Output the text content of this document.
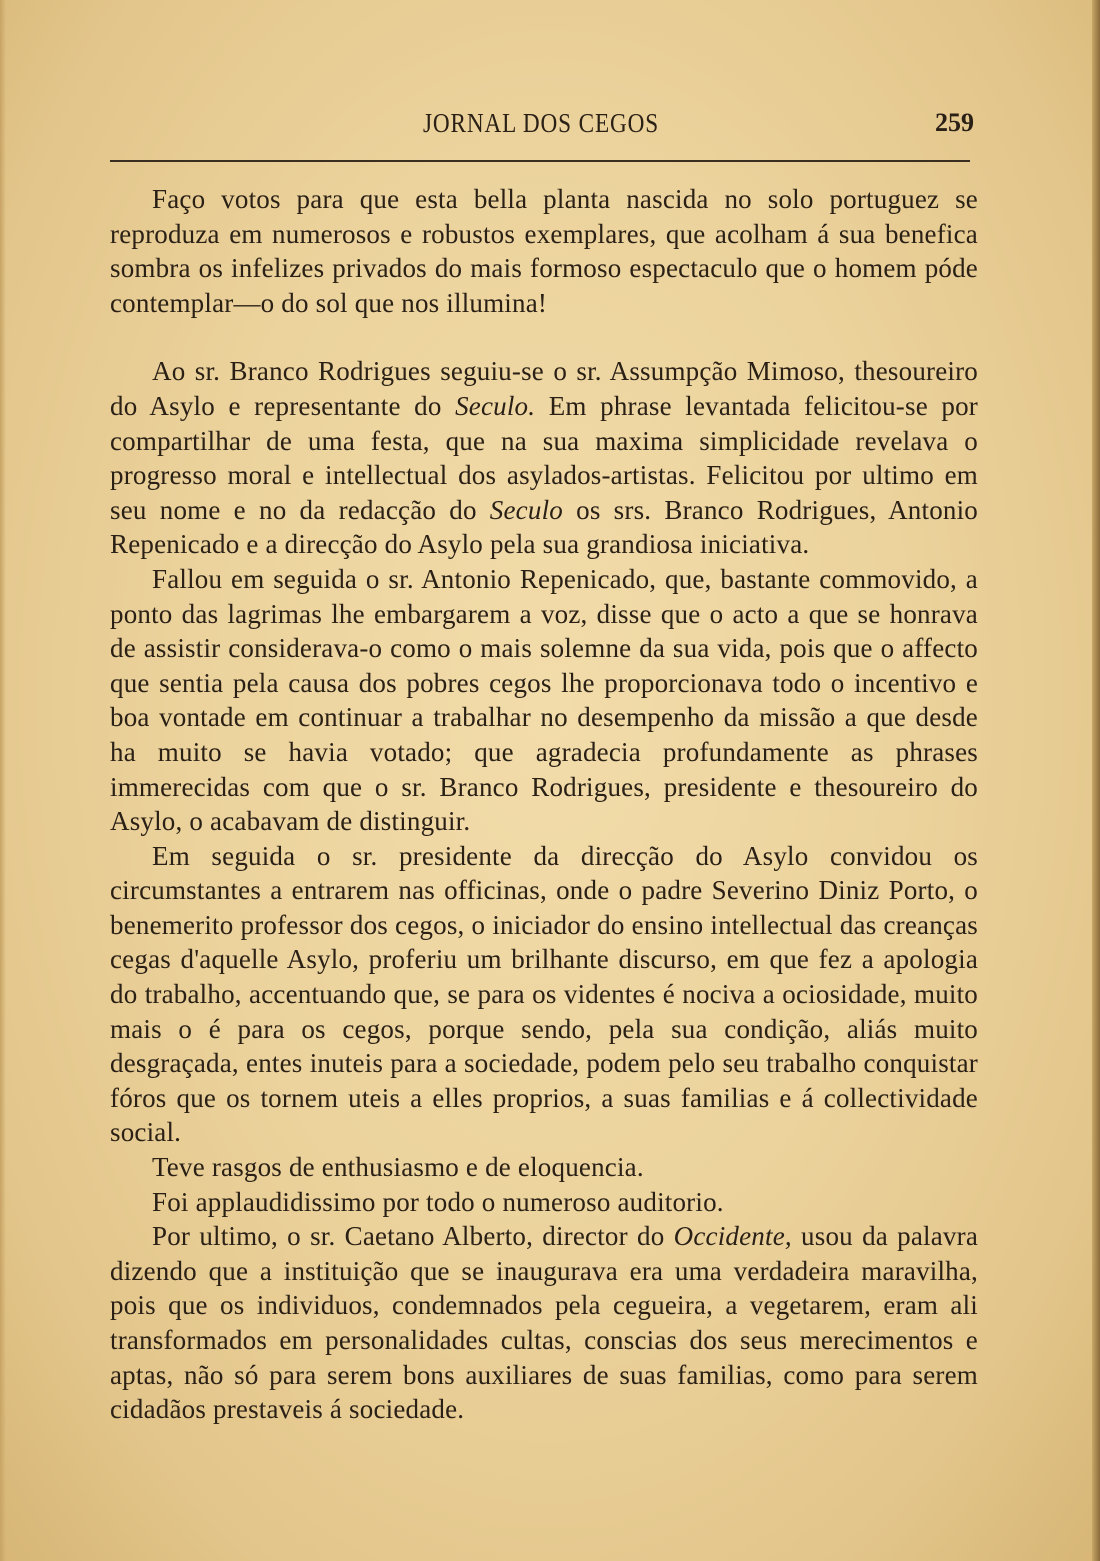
JORNAL DOS CEGOS	259

Faço votos para que esta bella planta nascida no solo portuguez se reproduza em numerosos e robustos exemplares, que acolham á sua benefica sombra os infelizes privados do mais formoso espectaculo que o homem póde contemplar—o do sol que nos illumina!

Ao sr. Branco Rodrigues seguiu-se o sr. Assumpção Mimoso, thesoureiro do Asylo e representante do Seculo. Em phrase levantada felicitou-se por compartilhar de uma festa, que na sua maxima simplicidade revelava o progresso moral e intellectual dos asylados-artistas. Felicitou por ultimo em seu nome e no da redacção do Seculo os srs. Branco Rodrigues, Antonio Repenicado e a direcção do Asylo pela sua grandiosa iniciativa.

Fallou em seguida o sr. Antonio Repenicado, que, bastante commovido, a ponto das lagrimas lhe embargarem a voz, disse que o acto a que se honrava de assistir considerava-o como o mais solemne da sua vida, pois que o affecto que sentia pela causa dos pobres cegos lhe proporcionava todo o incentivo e boa vontade em continuar a trabalhar no desempenho da missão a que desde ha muito se havia votado; que agradecia profundamente as phrases immerecidas com que o sr. Branco Rodrigues, presidente e thesoureiro do Asylo, o acabavam de distinguir.

Em seguida o sr. presidente da direcção do Asylo convidou os circumstantes a entrarem nas officinas, onde o padre Severino Diniz Porto, o benemerito professor dos cegos, o iniciador do ensino intellectual das creanças cegas d'aquelle Asylo, proferiu um brilhante discurso, em que fez a apologia do trabalho, accentuando que, se para os videntes é nociva a ociosidade, muito mais o é para os cegos, porque sendo, pela sua condição, aliás muito desgraçada, entes inuteis para a sociedade, podem pelo seu trabalho conquistar fóros que os tornem uteis a elles proprios, a suas familias e á collectividade social.

Teve rasgos de enthusiasmo e de eloquencia.

Foi applaudidissimo por todo o numeroso auditorio.

Por ultimo, o sr. Caetano Alberto, director do Occidente, usou da palavra dizendo que a instituição que se inaugurava era uma verdadeira maravilha, pois que os individuos, condemnados pela cegueira, a vegetarem, eram ali transformados em personalidades cultas, conscias dos seus merecimentos e aptas, não só para serem bons auxiliares de suas familias, como para serem cidadãos prestaveis á sociedade.
